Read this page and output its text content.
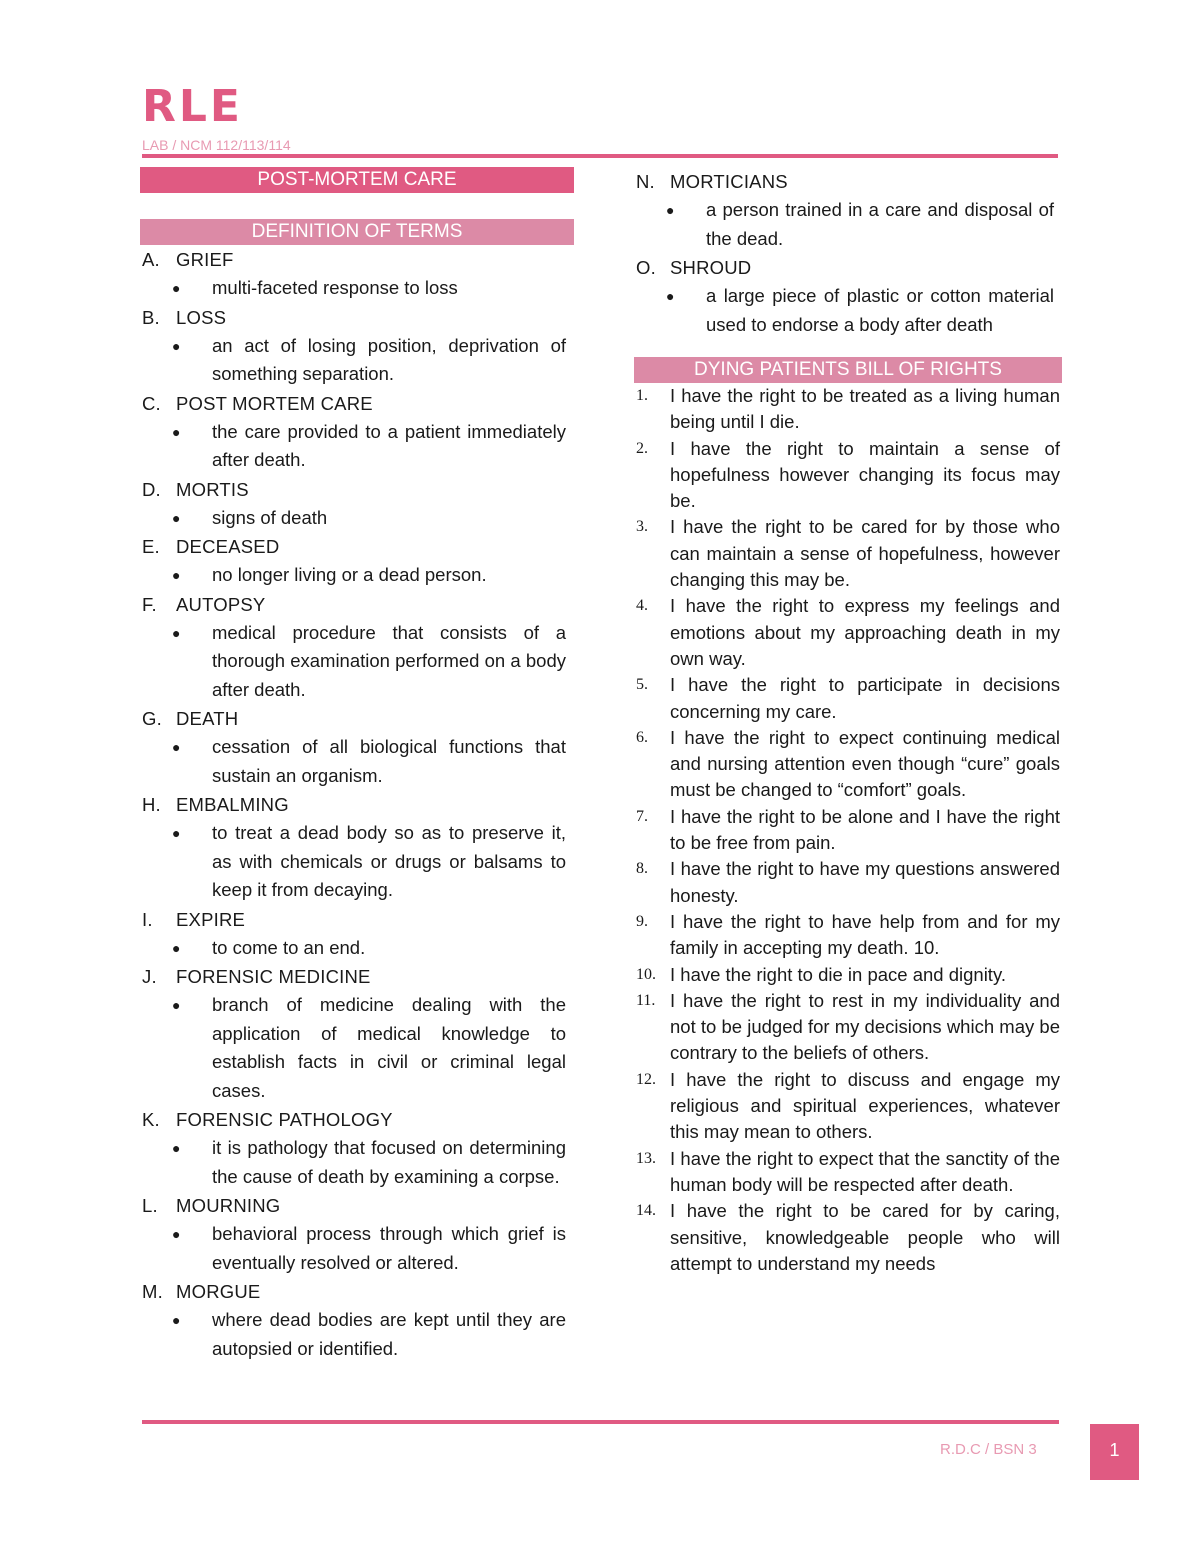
RLE
LAB / NCM 112/113/114
POST-MORTEM CARE
DEFINITION OF TERMS
A. GRIEF
● multi-faceted response to loss
B. LOSS
● an act of losing position, deprivation of something separation.
C. POST MORTEM CARE
● the care provided to a patient immediately after death.
D. MORTIS
● signs of death
E. DECEASED
● no longer living or a dead person.
F. AUTOPSY
● medical procedure that consists of a thorough examination performed on a body after death.
G. DEATH
● cessation of all biological functions that sustain an organism.
H. EMBALMING
● to treat a dead body so as to preserve it, as with chemicals or drugs or balsams to keep it from decaying.
I. EXPIRE
● to come to an end.
J. FORENSIC MEDICINE
● branch of medicine dealing with the application of medical knowledge to establish facts in civil or criminal legal cases.
K. FORENSIC PATHOLOGY
● it is pathology that focused on determining the cause of death by examining a corpse.
L. MOURNING
● behavioral process through which grief is eventually resolved or altered.
M. MORGUE
● where dead bodies are kept until they are autopsied or identified.
N. MORTICIANS
● a person trained in a care and disposal of the dead.
O. SHROUD
● a large piece of plastic or cotton material used to endorse a body after death
DYING PATIENTS BILL OF RIGHTS
1. I have the right to be treated as a living human being until I die.
2. I have the right to maintain a sense of hopefulness however changing its focus may be.
3. I have the right to be cared for by those who can maintain a sense of hopefulness, however changing this may be.
4. I have the right to express my feelings and emotions about my approaching death in my own way.
5. I have the right to participate in decisions concerning my care.
6. I have the right to expect continuing medical and nursing attention even though “cure” goals must be changed to “comfort” goals.
7. I have the right to be alone and I have the right to be free from pain.
8. I have the right to have my questions answered honesty.
9. I have the right to have help from and for my family in accepting my death. 10.
10. I have the right to die in pace and dignity.
11. I have the right to rest in my individuality and not to be judged for my decisions which may be contrary to the beliefs of others.
12. I have the right to discuss and engage my religious and spiritual experiences, whatever this may mean to others.
13. I have the right to expect that the sanctity of the human body will be respected after death.
14. I have the right to be cared for by caring, sensitive, knowledgeable people who will attempt to understand my needs
R.D.C / BSN 3	1
